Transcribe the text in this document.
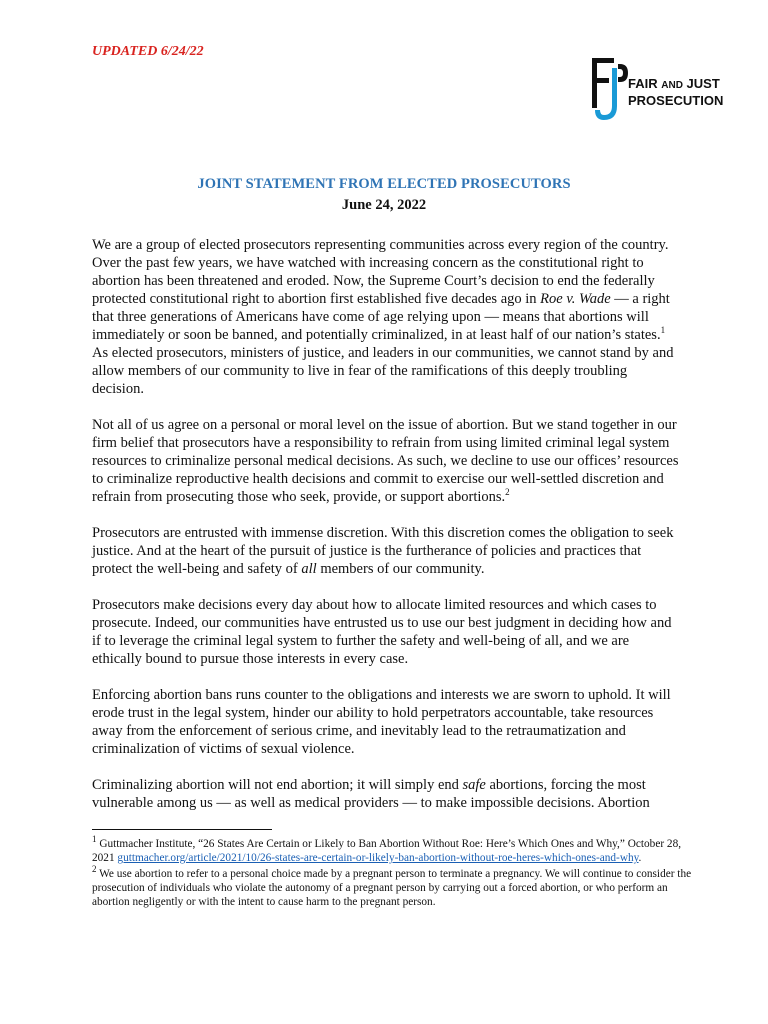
UPDATED 6/24/22
FAIR AND JUST
PROSECUTION
JOINT STATEMENT FROM ELECTED PROSECUTORS
June 24, 2022

We are a group of elected prosecutors representing communities across every region of the country. Over the past few years, we have watched with increasing concern as the constitutional right to abortion has been threatened and eroded. Now, the Supreme Court’s decision to end the federally protected constitutional right to abortion first established five decades ago in Roe v. Wade — a right that three generations of Americans have come of age relying upon — means that abortions will immediately or soon be banned, and potentially criminalized, in at least half of our nation’s states.$^1$ As elected prosecutors, ministers of justice, and leaders in our communities, we cannot stand by and allow members of our community to live in fear of the ramifications of this deeply troubling decision.

Not all of us agree on a personal or moral level on the issue of abortion. But we stand together in our firm belief that prosecutors have a responsibility to refrain from using limited criminal legal system resources to criminalize personal medical decisions. As such, we decline to use our offices’ resources to criminalize reproductive health decisions and commit to exercise our well-settled discretion and refrain from prosecuting those who seek, provide, or support abortions.$^2$

Prosecutors are entrusted with immense discretion. With this discretion comes the obligation to seek justice. And at the heart of the pursuit of justice is the furtherance of policies and practices that protect the well-being and safety of all members of our community.

Prosecutors make decisions every day about how to allocate limited resources and which cases to prosecute. Indeed, our communities have entrusted us to use our best judgment in deciding how and if to leverage the criminal legal system to further the safety and well-being of all, and we are ethically bound to pursue those interests in every case.

Enforcing abortion bans runs counter to the obligations and interests we are sworn to uphold. It will erode trust in the legal system, hinder our ability to hold perpetrators accountable, take resources away from the enforcement of serious crime, and inevitably lead to the retraumatization and criminalization of victims of sexual violence.

Criminalizing abortion will not end abortion; it will simply end safe abortions, forcing the most vulnerable among us — as well as medical providers — to make impossible decisions. Abortion

$^1$ Guttmacher Institute, “26 States Are Certain or Likely to Ban Abortion Without Roe: Here’s Which Ones and Why,” October 28, 2021 guttmacher.org/article/2021/10/26-states-are-certain-or-likely-ban-abortion-without-roe-heres-which-ones-and-why.

$^2$ We use abortion to refer to a personal choice made by a pregnant person to terminate a pregnancy. We will continue to consider the prosecution of individuals who violate the autonomy of a pregnant person by carrying out a forced abortion, or who perform an abortion negligently or with the intent to cause harm to the pregnant person.
